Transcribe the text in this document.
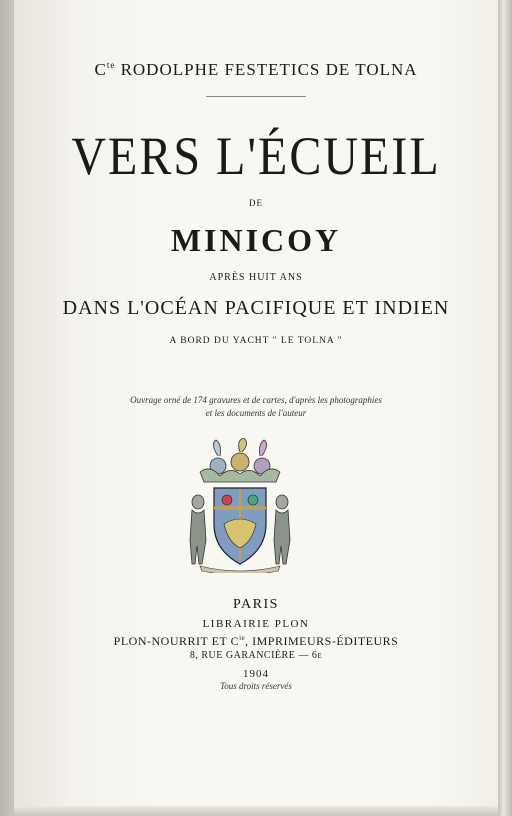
$C^{te}$ RODOLPHE FESTETICS DE TOLNA
VERS L'ÉCUEIL
DE
MINICOY
APRÈS HUIT ANS
DANS L'OCÉAN PACIFIQUE ET INDIEN
A BORD DU YACHT " LE TOLNA "
Ouvrage orné de 174 gravures et de cartes, d'après les photographies
et les documents de l'auteur
PARIS
LIBRAIRIE PLON
PLON-NOURRIT ET $C^{ie}$, IMPRIMEURS-ÉDITEURS
8, RUE GARANCIÈRE — 6e
1904
Tous droits réservés
